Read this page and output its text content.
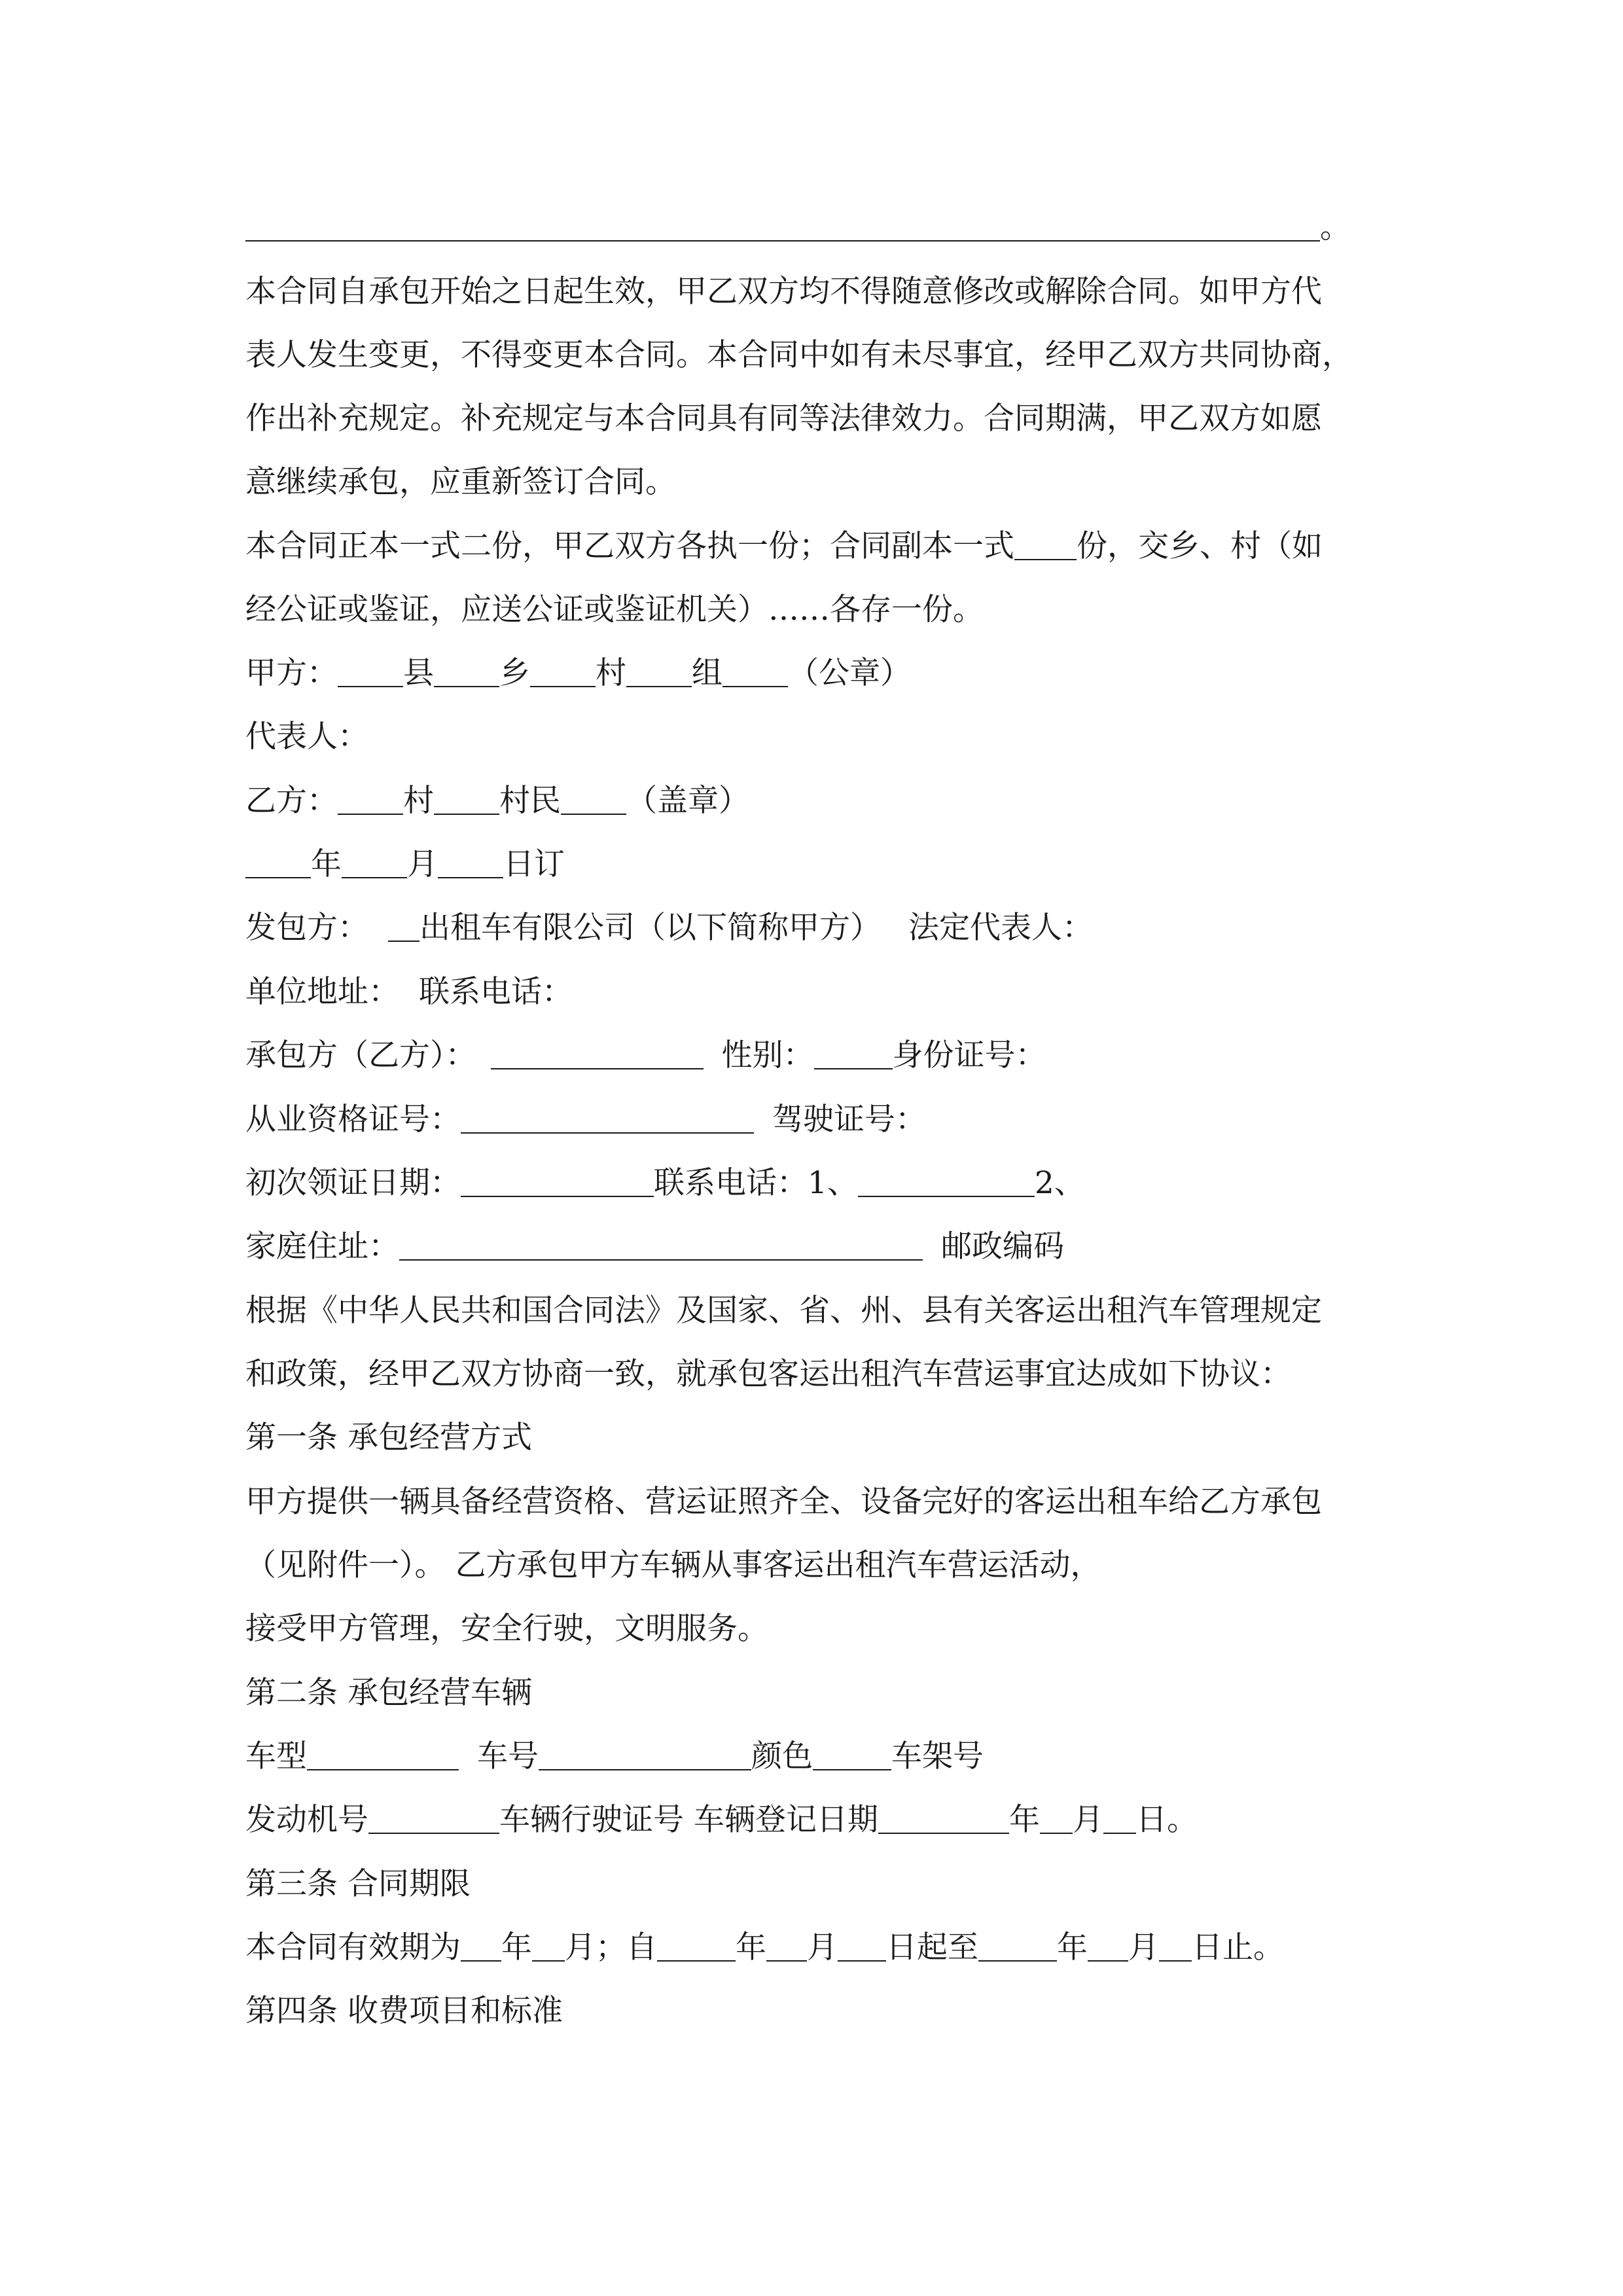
。
本合同自承包开始之日起生效，甲乙双方均不得随意修改或解除合同。如甲方代
表人发生变更，不得变更本合同。本合同中如有未尽事宜，经甲乙双方共同协商，
作出补充规定。补充规定与本合同具有同等法律效力。合同期满，甲乙双方如愿
意继续承包，应重新签订合同。
本合同正本一式二份，甲乙双方各执一份；合同副本一式 份，交乡、村（如
经公证或鉴证，应送公证或鉴证机关）……各存一份。
甲方： 县 乡 村 组 （公章）
代表人：
乙方： 村 村民 （盖章）
年 月 日订
发包方： 出租车有限公司（以下简称甲方） 法定代表人：
单位地址： 联系电话：
承包方（乙方）：	性别：	身份证号：
从业资格证号：	驾驶证号：
初次领证日期：	联系电话：1、	2、
家庭住址：	邮政编码
根据《中华人民共和国合同法》及国家、省、州、县有关客运出租汽车管理规定
和政策，经甲乙双方协商一致，就承包客运出租汽车营运事宜达成如下协议：
第一条 承包经营方式
甲方提供一辆具备经营资格、营运证照齐全、设备完好的客运出租车给乙方承包
（见附件一）。 乙方承包甲方车辆从事客运出租汽车营运活动，
接受甲方管理，安全行驶，文明服务。
第二条 承包经营车辆
车型	车号	颜色	车架号
发动机号	车辆行驶证号 车辆登记日期	年 月 日。
第三条 合同期限
本合同有效期为 年 月；自	年 月 日起至	年 月 日止。
第四条 收费项目和标准
